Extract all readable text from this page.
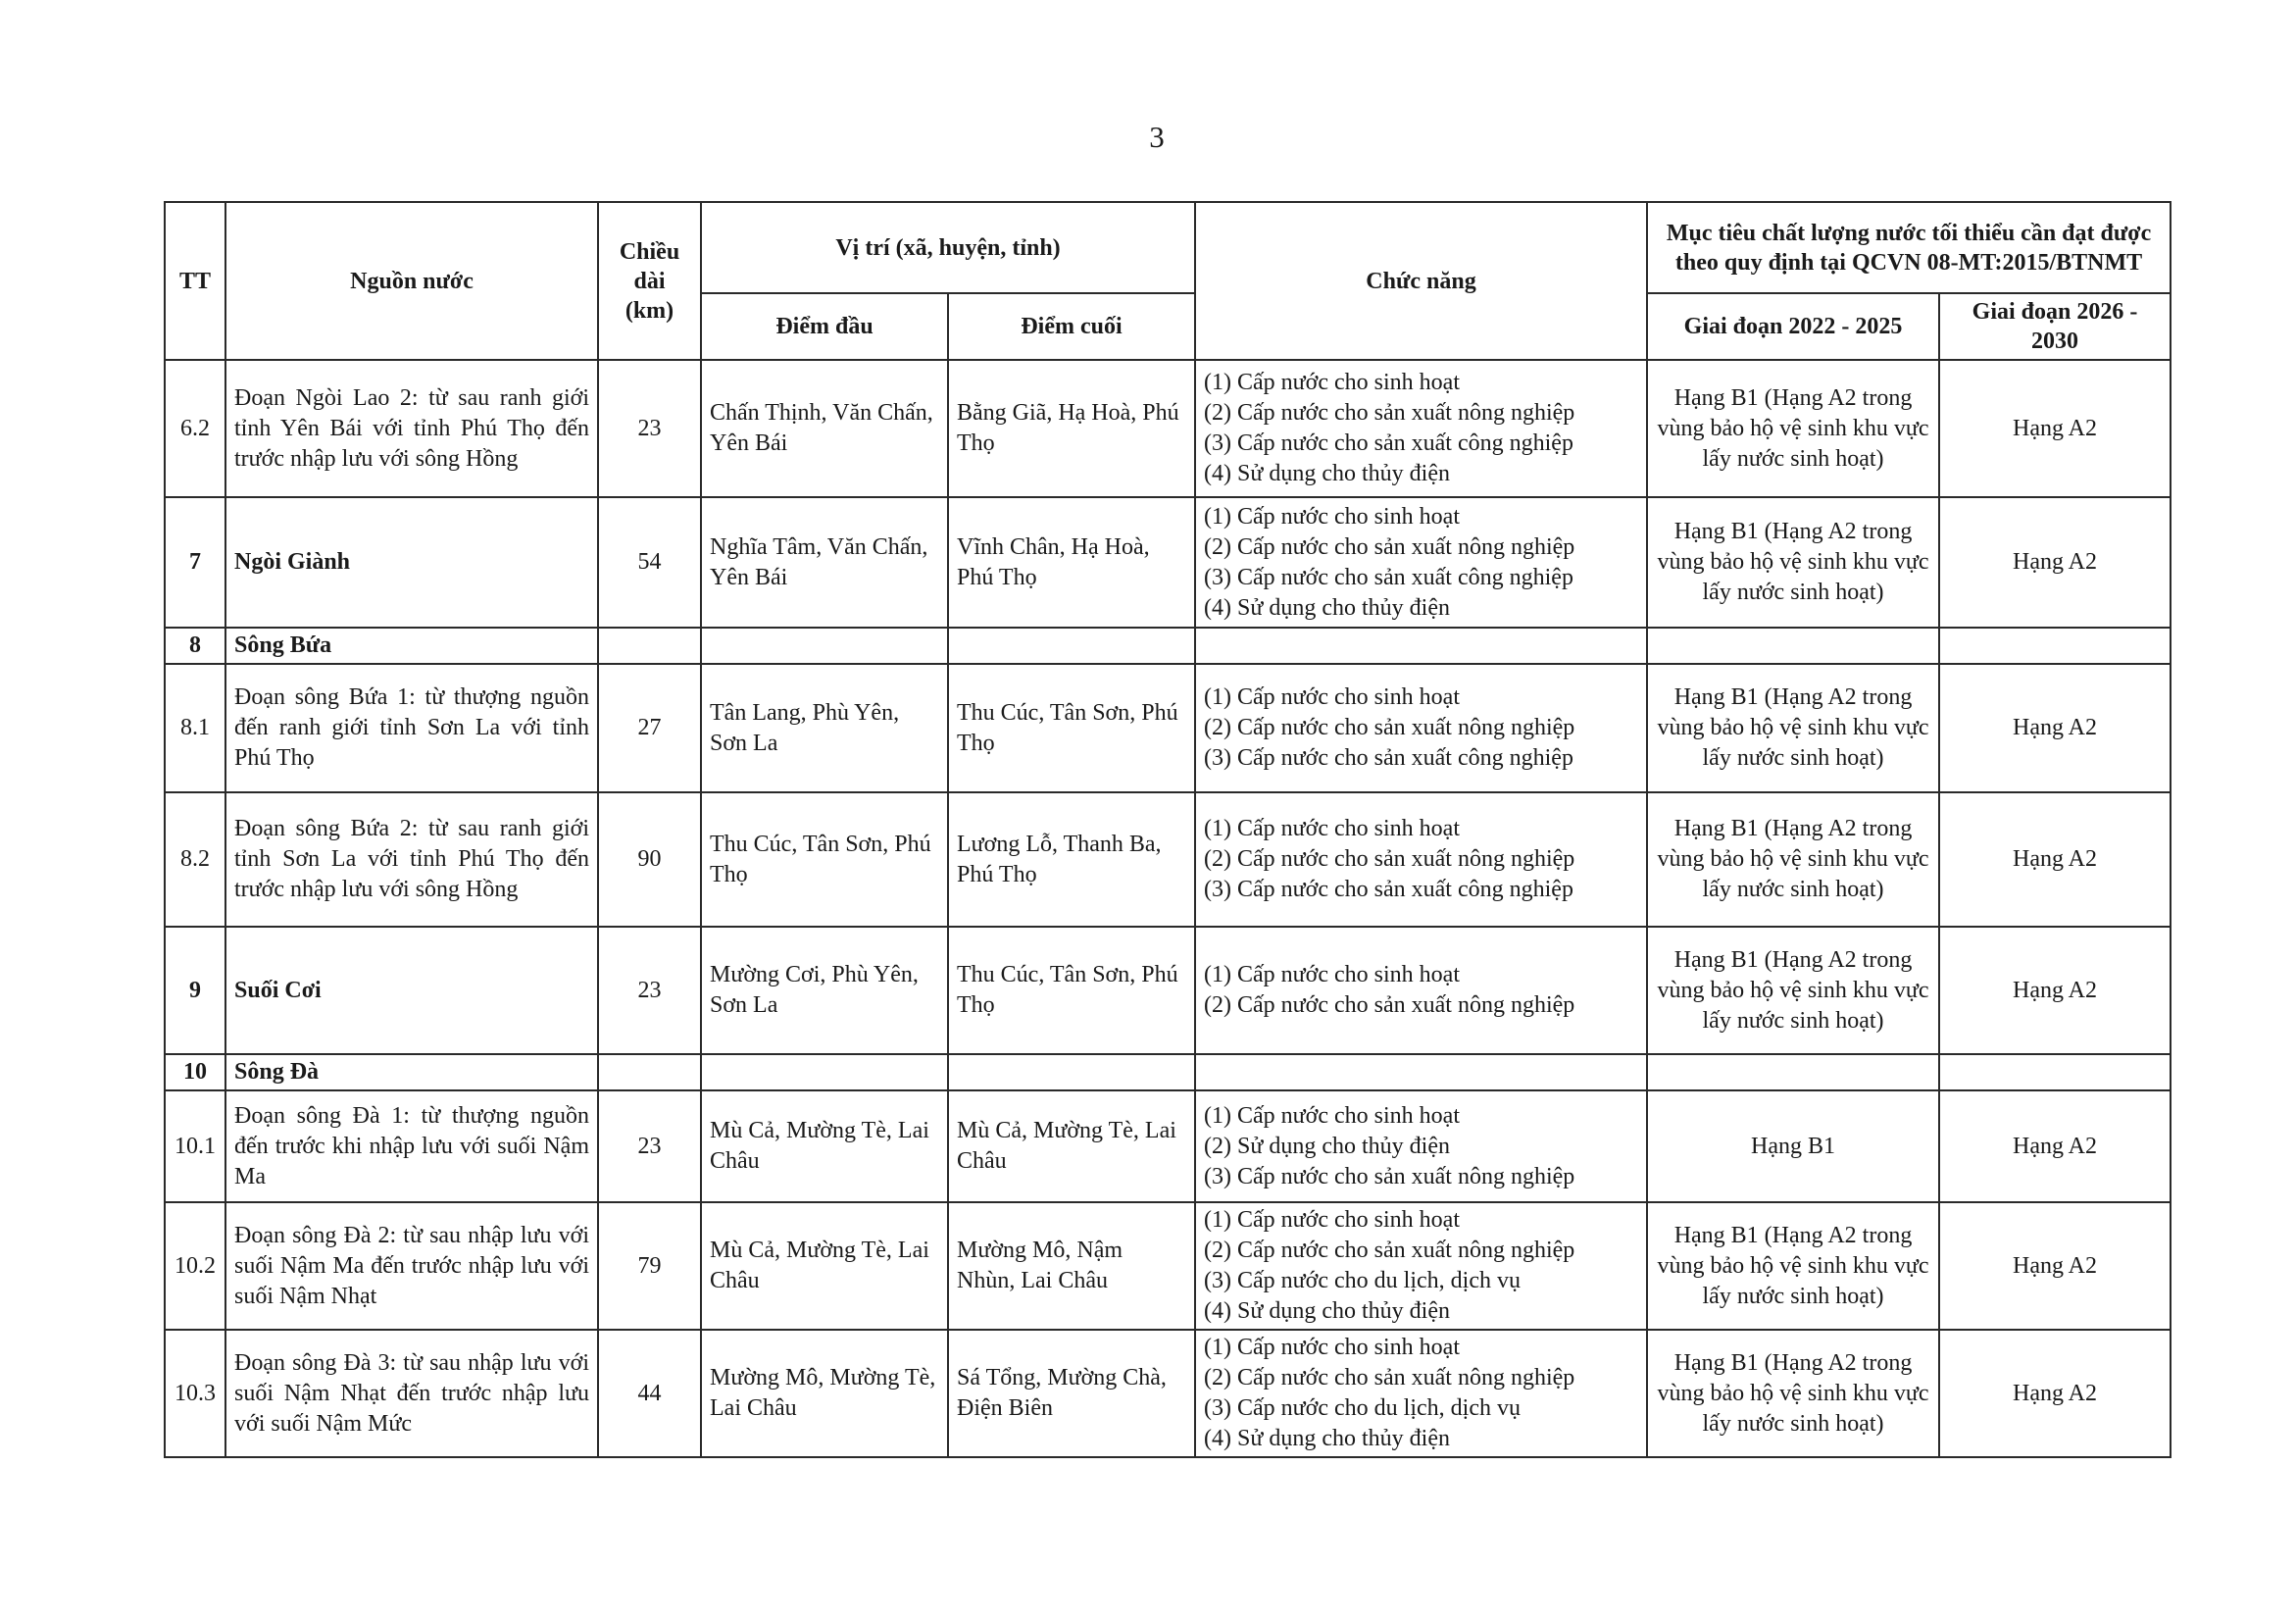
3
TT	Nguồn nước	Chiều dài (km)	Vị trí (xã, huyện, tỉnh)		Chức năng	Mục tiêu chất lượng nước tối thiểu cần đạt được theo quy định tại QCVN 08-MT:2015/BTNMT	
			Điểm đầu	Điểm cuối		Giai đoạn 2022 - 2025	Giai đoạn 2026 - 2030
6.2	Đoạn Ngòi Lao 2: từ sau ranh giới tỉnh Yên Bái với tỉnh Phú Thọ đến trước nhập lưu với sông Hồng	23	Chấn Thịnh, Văn Chấn, Yên Bái	Bằng Giã, Hạ Hoà, Phú Thọ	(1) Cấp nước cho sinh hoạt
(2) Cấp nước cho sản xuất nông nghiệp
(3) Cấp nước cho sản xuất công nghiệp
(4) Sử dụng cho thủy điện	Hạng B1 (Hạng A2 trong vùng bảo hộ vệ sinh khu vực lấy nước sinh hoạt)	Hạng A2
7	Ngòi Giành	54	Nghĩa Tâm, Văn Chấn, Yên Bái	Vĩnh Chân, Hạ Hoà, Phú Thọ	(1) Cấp nước cho sinh hoạt
(2) Cấp nước cho sản xuất nông nghiệp
(3) Cấp nước cho sản xuất công nghiệp
(4) Sử dụng cho thủy điện	Hạng B1 (Hạng A2 trong vùng bảo hộ vệ sinh khu vực lấy nước sinh hoạt)	Hạng A2
8	Sông Bứa						
8.1	Đoạn sông Bứa 1: từ thượng nguồn đến ranh giới tỉnh Sơn La với tỉnh Phú Thọ	27	Tân Lang, Phù Yên, Sơn La	Thu Cúc, Tân Sơn, Phú Thọ	(1) Cấp nước cho sinh hoạt
(2) Cấp nước cho sản xuất nông nghiệp
(3) Cấp nước cho sản xuất công nghiệp	Hạng B1 (Hạng A2 trong vùng bảo hộ vệ sinh khu vực lấy nước sinh hoạt)	Hạng A2
8.2	Đoạn sông Bứa 2: từ sau ranh giới tỉnh Sơn La với tỉnh Phú Thọ đến trước nhập lưu với sông Hồng	90	Thu Cúc, Tân Sơn, Phú Thọ	Lương Lỗ, Thanh Ba, Phú Thọ	(1) Cấp nước cho sinh hoạt
(2) Cấp nước cho sản xuất nông nghiệp
(3) Cấp nước cho sản xuất công nghiệp	Hạng B1 (Hạng A2 trong vùng bảo hộ vệ sinh khu vực lấy nước sinh hoạt)	Hạng A2
9	Suối Cơi	23	Mường Cơi, Phù Yên, Sơn La	Thu Cúc, Tân Sơn, Phú Thọ	(1) Cấp nước cho sinh hoạt
(2) Cấp nước cho sản xuất nông nghiệp	Hạng B1 (Hạng A2 trong vùng bảo hộ vệ sinh khu vực lấy nước sinh hoạt)	Hạng A2
10	Sông Đà						
10.1	Đoạn sông Đà 1: từ thượng nguồn đến trước khi nhập lưu với suối Nậm Ma	23	Mù Cả, Mường Tè, Lai Châu	Mù Cả, Mường Tè, Lai Châu	(1) Cấp nước cho sinh hoạt
(2) Sử dụng cho thủy điện
(3) Cấp nước cho sản xuất nông nghiệp	Hạng B1	Hạng A2
10.2	Đoạn sông Đà 2: từ sau nhập lưu với suối Nậm Ma đến trước nhập lưu với suối Nậm Nhạt	79	Mù Cả, Mường Tè, Lai Châu	Mường Mô, Nậm Nhùn, Lai Châu	(1) Cấp nước cho sinh hoạt
(2) Cấp nước cho sản xuất nông nghiệp
(3) Cấp nước cho du lịch, dịch vụ
(4) Sử dụng cho thủy điện	Hạng B1 (Hạng A2 trong vùng bảo hộ vệ sinh khu vực lấy nước sinh hoạt)	Hạng A2
10.3	Đoạn sông Đà 3: từ sau nhập lưu với suối Nậm Nhạt đến trước nhập lưu với suối Nậm Mức	44	Mường Mô, Mường Tè, Lai Châu	Sá Tổng, Mường Chà, Điện Biên	(1) Cấp nước cho sinh hoạt
(2) Cấp nước cho sản xuất nông nghiệp
(3) Cấp nước cho du lịch, dịch vụ
(4) Sử dụng cho thủy điện	Hạng B1 (Hạng A2 trong vùng bảo hộ vệ sinh khu vực lấy nước sinh hoạt)	Hạng A2
